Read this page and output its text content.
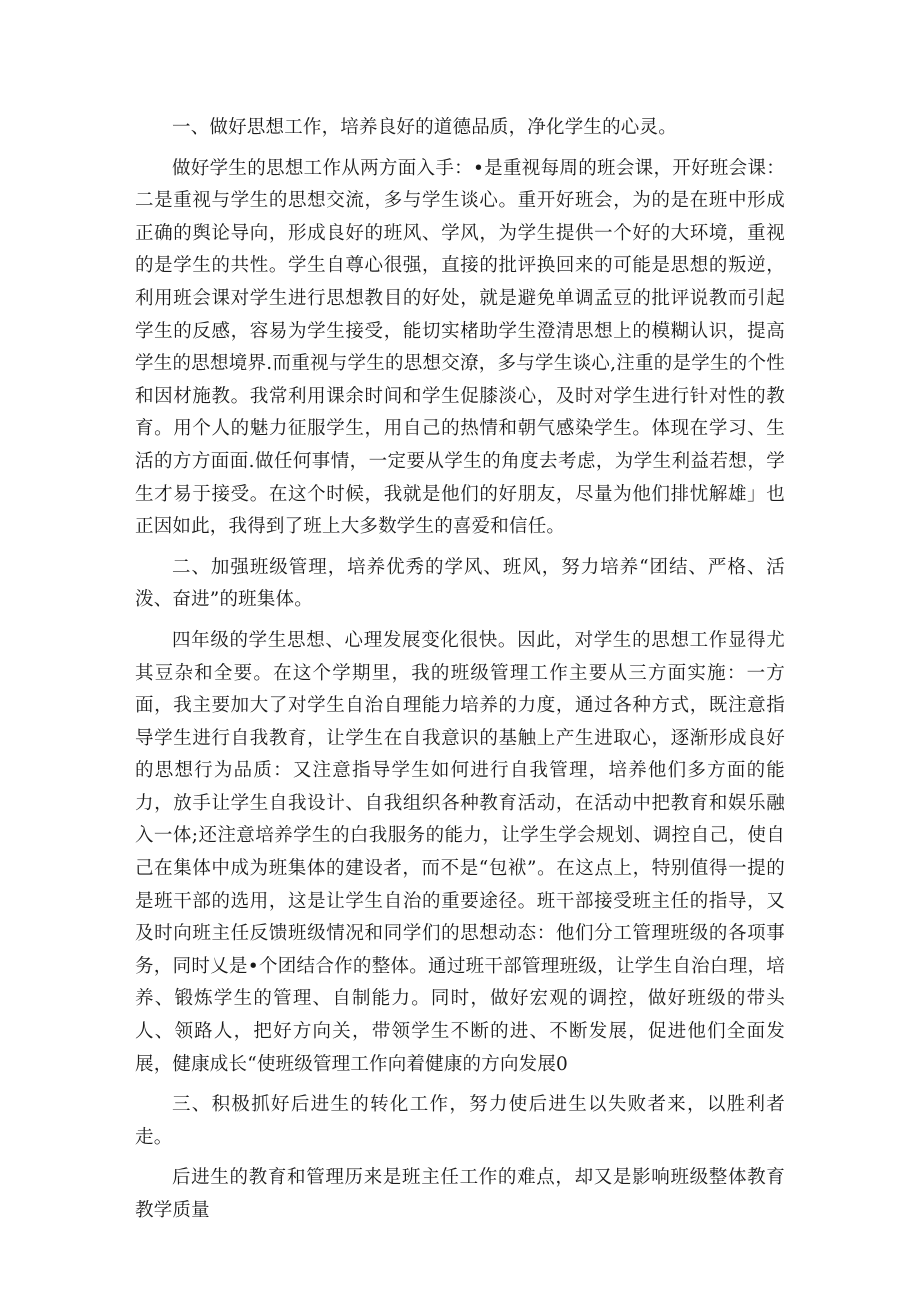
一、做好思想工作，培养良好的道德品质，净化学生的心灵。

做好学生的思想工作从两方面入手：•是重视每周的班会课，开好班会课：二是重视与学生的思想交流，多与学生谈心。重开好班会，为的是在班中形成正确的舆论导向，形成良好的班风、学风，为学生提供一个好的大环境，重视的是学生的共性。学生自尊心很强，直接的批评换回来的可能是思想的叛逆，利用班会课对学生进行思想教目的好处，就是避免单调孟豆的批评说教而引起学生的反感，容易为学生接受，能切实楮助学生澄清思想上的模糊认识，提高学生的思想境界.而重视与学生的思想交潦，多与学生谈心,注重的是学生的个性和因材施教。我常利用课余时间和学生促膝淡心，及时对学生进行针对性的教育。用个人的魅力征服学生，用自己的热情和朝气感染学生。体现在学习、生活的方方面面.做任何事情，一定要从学生的角度去考虑，为学生利益若想，学生才易于接受。在这个时候，我就是他们的好朋友，尽量为他们排忧解雄」也正因如此，我得到了班上大多数学生的喜爱和信任。

二、加强班级管理，培养优秀的学风、班风，努力培养“团结、严格、活泼、奋进”的班集体。

四年级的学生思想、心理发展变化很快。因此，对学生的思想工作显得尤其豆杂和全要。在这个学期里，我的班级管理工作主要从三方面实施：一方面，我主要加大了对学生自治自理能力培养的力度，通过各种方式，既注意指导学生进行自我教育，让学生在自我意识的基触上产生进取心，逐渐形成良好的思想行为品质：又注意指导学生如何进行自我管理，培养他们多方面的能力，放手让学生自我设计、自我组织各种教育活动，在活动中把教育和娱乐融入一体;还注意培养学生的白我服务的能力，让学生学会规划、调控自己，使自己在集体中成为班集体的建设者，而不是“包袱”。在这点上，特别值得一提的是班干部的选用，这是让学生自治的重要途径。班干部接受班主任的指导，又及时向班主任反馈班级情况和同学们的思想动态：他们分工管理班级的各项事务，同时乂是•个团结合作的整体。通过班干部管理班级，让学生自治白理，培养、锻炼学生的管理、自制能力。同时，做好宏观的调控，做好班级的带头人、领路人，把好方向关，带领学生不断的进、不断发展，促进他们全面发展，健康成长“使班级管理工作向着健康的方向发展0

三、积极抓好后进生的转化工作，努力使后进生以失败者来，以胜利者走。

后进生的教育和管理历来是班主任工作的难点，却又是影响班级整体教育教学质量
